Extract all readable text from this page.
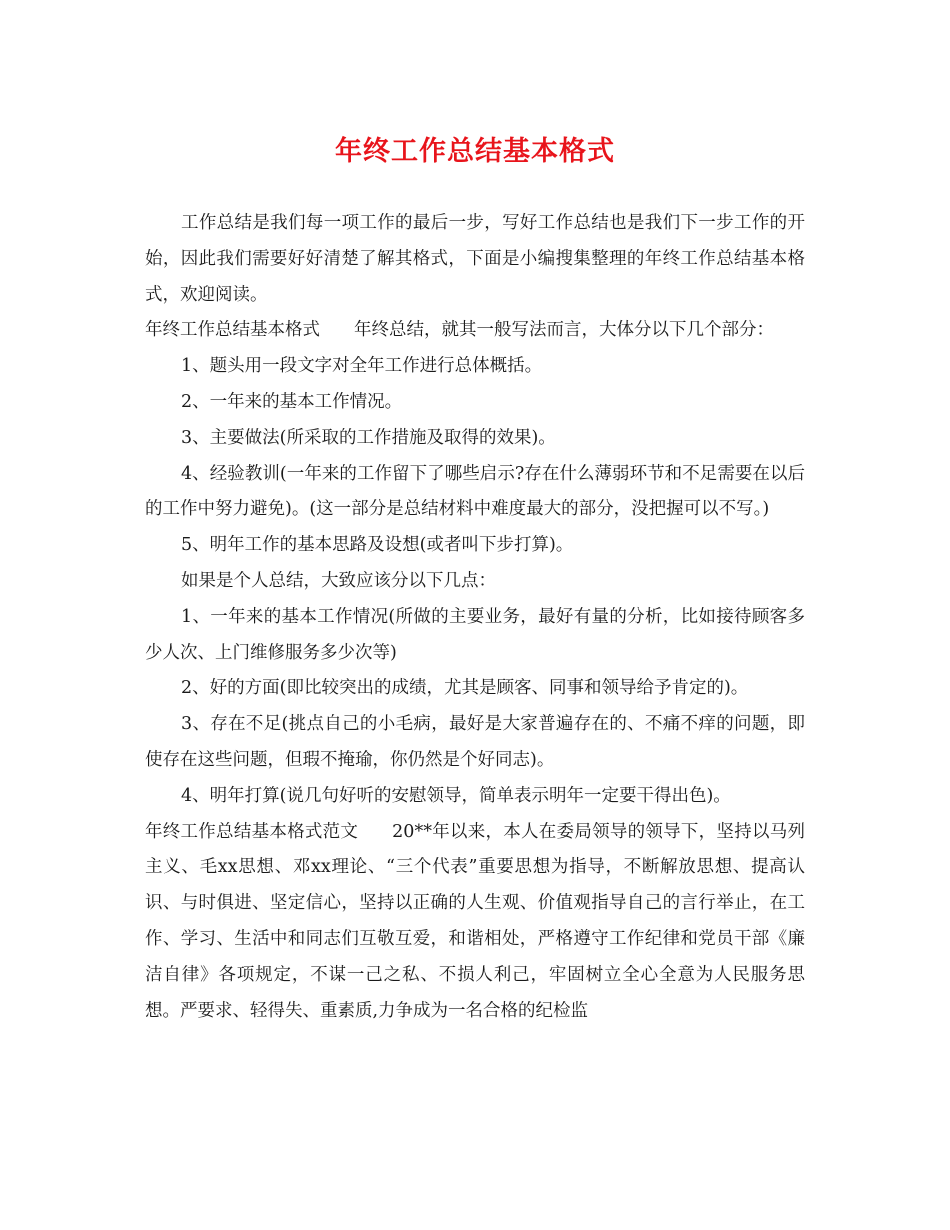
年终工作总结基本格式

工作总结是我们每一项工作的最后一步，写好工作总结也是我们下一步工作的开始，因此我们需要好好清楚了解其格式，下面是小编搜集整理的年终工作总结基本格式，欢迎阅读。

年终工作总结基本格式 年终总结，就其一般写法而言，大体分以下几个部分：

1、题头用一段文字对全年工作进行总体概括。

2、一年来的基本工作情况。

3、主要做法(所采取的工作措施及取得的效果)。

4、经验教训(一年来的工作留下了哪些启示?存在什么薄弱环节和不足需要在以后的工作中努力避免)。(这一部分是总结材料中难度最大的部分，没把握可以不写。)

5、明年工作的基本思路及设想(或者叫下步打算)。

如果是个人总结，大致应该分以下几点：

1、一年来的基本工作情况(所做的主要业务，最好有量的分析，比如接待顾客多少人次、上门维修服务多少次等)

2、好的方面(即比较突出的成绩，尤其是顾客、同事和领导给予肯定的)。

3、存在不足(挑点自己的小毛病，最好是大家普遍存在的、不痛不痒的问题，即使存在这些问题，但瑕不掩瑜，你仍然是个好同志)。

4、明年打算(说几句好听的安慰领导，简单表示明年一定要干得出色)。

年终工作总结基本格式范文 20**年以来，本人在委局领导的领导下，坚持以马列主义、毛xx思想、邓xx理论、“三个代表”重要思想为指导，不断解放思想、提高认识、与时俱进、坚定信心，坚持以正确的人生观、价值观指导自己的言行举止，在工作、学习、生活中和同志们互敬互爱，和谐相处，严格遵守工作纪律和党员干部《廉洁自律》各项规定，不谋一己之私、不损人利己，牢固树立全心全意为人民服务思想。严要求、轻得失、重素质,力争成为一名合格的纪检监
